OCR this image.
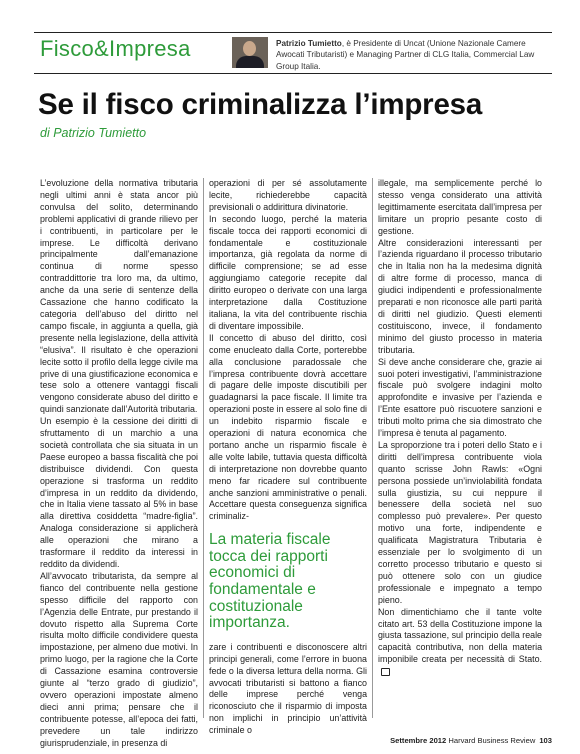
Fisco&Impresa	Patrizio Tumietto, è Presidente di Uncat (Unione Nazionale Camere Awocati Tributaristi) e Managing Partner di CLG Italia, Commercial Law Group Italia.
Se il fisco criminalizza l’impresa
di Patrizio Tumietto

L’evoluzione della normativa tributaria negli ultimi anni è stata ancor più convulsa del solito, determinando problemi applicativi di grande rilievo per i contribuenti, in particolare per le imprese. Le difficoltà derivano principalmente dall’emanazione continua di norme spesso contraddittorie tra loro ma, da ultimo, anche da una serie di sentenze della Cassazione che hanno codificato la categoria dell’abuso del diritto nel campo fiscale, in aggiunta a quella, già presente nella legislazione, della attività “elusiva”. Il risultato è che operazioni lecite sotto il profilo della legge civile ma prive di una giustificazione economica e tese solo a ottenere vantaggi fiscali vengono considerate abuso del diritto e quindi sanzionate dall’Autorità tributaria.

Un esempio è la cessione dei diritti di sfruttamento di un marchio a una società controllata che sia situata in un Paese europeo a bassa fiscalità che poi distribuisce dividendi. Con questa operazione si trasforma un reddito d’impresa in un reddito da dividendo, che in Italia viene tassato al 5% in base alla direttiva cosiddetta “madre-figlia”. Analoga considerazione si applicherà alle operazioni che mirano a trasformare il reddito da interessi in reddito da dividendi.

All’avvocato tributarista, da sempre al fianco del contribuente nella gestione spesso difficile del rapporto con l’Agenzia delle Entrate, pur prestando il dovuto rispetto alla Suprema Corte risulta molto difficile condividere questa impostazione, per almeno due motivi. In primo luogo, per la ragione che la Corte di Cassazione esamina controversie giunte al “terzo grado di giudizio”, ovvero operazioni impostate almeno dieci anni prima; pensare che il contribuente potesse, all’epoca dei fatti, prevedere un tale indirizzo giurisprudenziale, in presenza di

operazioni di per sé assolutamente lecite, richiederebbe capacità previsionali o addirittura divinatorie.

In secondo luogo, perché la materia fiscale tocca dei rapporti economici di fondamentale e costituzionale importanza, già regolata da norme di difficile comprensione; se ad esse aggiungiamo categorie recepite dal diritto europeo o derivate con una larga interpretazione dalla Costituzione italiana, la vita del contribuente rischia di diventare impossibile.

Il concetto di abuso del diritto, così come enucleato dalla Corte, porterebbe alla conclusione paradossale che l’impresa contribuente dovrà accettare di pagare delle imposte discutibili per guadagnarsi la pace fiscale. Il limite tra operazioni poste in essere al solo fine di un indebito risparmio fiscale e operazioni di natura economica che portano anche un risparmio fiscale è alle volte labile, tuttavia questa difficoltà di interpretazione non dovrebbe quanto meno far ricadere sul contribuente anche sanzioni amministrative o penali. Accettare questa conseguenza significa criminaliz-

La materia fiscale tocca dei rapporti economici di fondamentale e costituzionale importanza.

zare i contribuenti e disconoscere altri principi generali, come l’errore in buona fede o la diversa lettura della norma. Gli avvocati tributaristi si battono a fianco delle imprese perché venga riconosciuto che il risparmio di imposta non implichi in principio un’attività criminale o

illegale, ma semplicemente perché lo stesso venga considerato una attività legittimamente esercitata dall’impresa per limitare un proprio pesante costo di gestione.

Altre considerazioni interessanti per l’azienda riguardano il processo tributario che in Italia non ha la medesima dignità di altre forme di processo, manca di giudici indipendenti e professionalmente preparati e non riconosce alle parti parità di diritti nel giudizio. Questi elementi costituiscono, invece, il fondamento minimo del giusto processo in materia tributaria.

Si deve anche considerare che, grazie ai suoi poteri investigativi, l’amministrazione fiscale può svolgere indagini molto approfondite e invasive per l’azienda e l’Ente esattore può riscuotere sanzioni e tributi molto prima che sia dimostrato che l’impresa è tenuta al pagamento.

La sproporzione tra i poteri dello Stato e i diritti dell’impresa contribuente viola quanto scrisse John Rawls: «Ogni persona possiede un’inviolabilità fondata sulla giustizia, su cui neppure il benessere della società nel suo complesso può prevalere». Per questo motivo una forte, indipendente e qualificata Magistratura Tributaria è essenziale per lo svolgimento di un corretto processo tributario e questo si può ottenere solo con un giudice professionale e impegnato a tempo pieno.

Non dimentichiamo che il tante volte citato art. 53 della Costituzione impone la giusta tassazione, sul principio della reale capacità contributiva, non della materia imponibile creata per necessità di Stato.

Settembre 2012 Harvard Business Review 103
